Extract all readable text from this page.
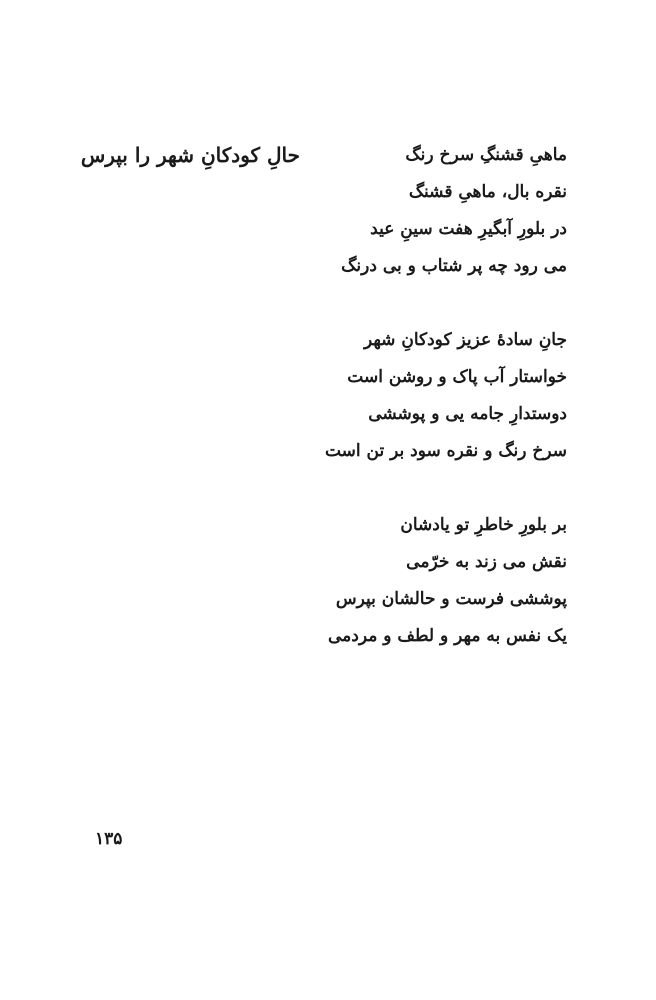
حالِ کودکانِ شهر را بپرس	ماهیِ قشنگِ سرخ رنگ
نقره بال، ماهیِ قشنگ
در بلورِ آبگیرِ هفت سینِ عید
می رود چه پر شتاب و بی درنگ
جانِ سادهٔ عزیز کودکانِ شهر
خواستار آب پاک و روشن است
دوستدارِ جامه یی و پوششی
سرخ رنگ و نقره سود بر تن است
بر بلورِ خاطرِ تو یادشان
نقش می زند به خرّمی
پوششی فرست و حالشان بپرس
یک نفس به مهر و لطف و مردمی
۱۳۵
